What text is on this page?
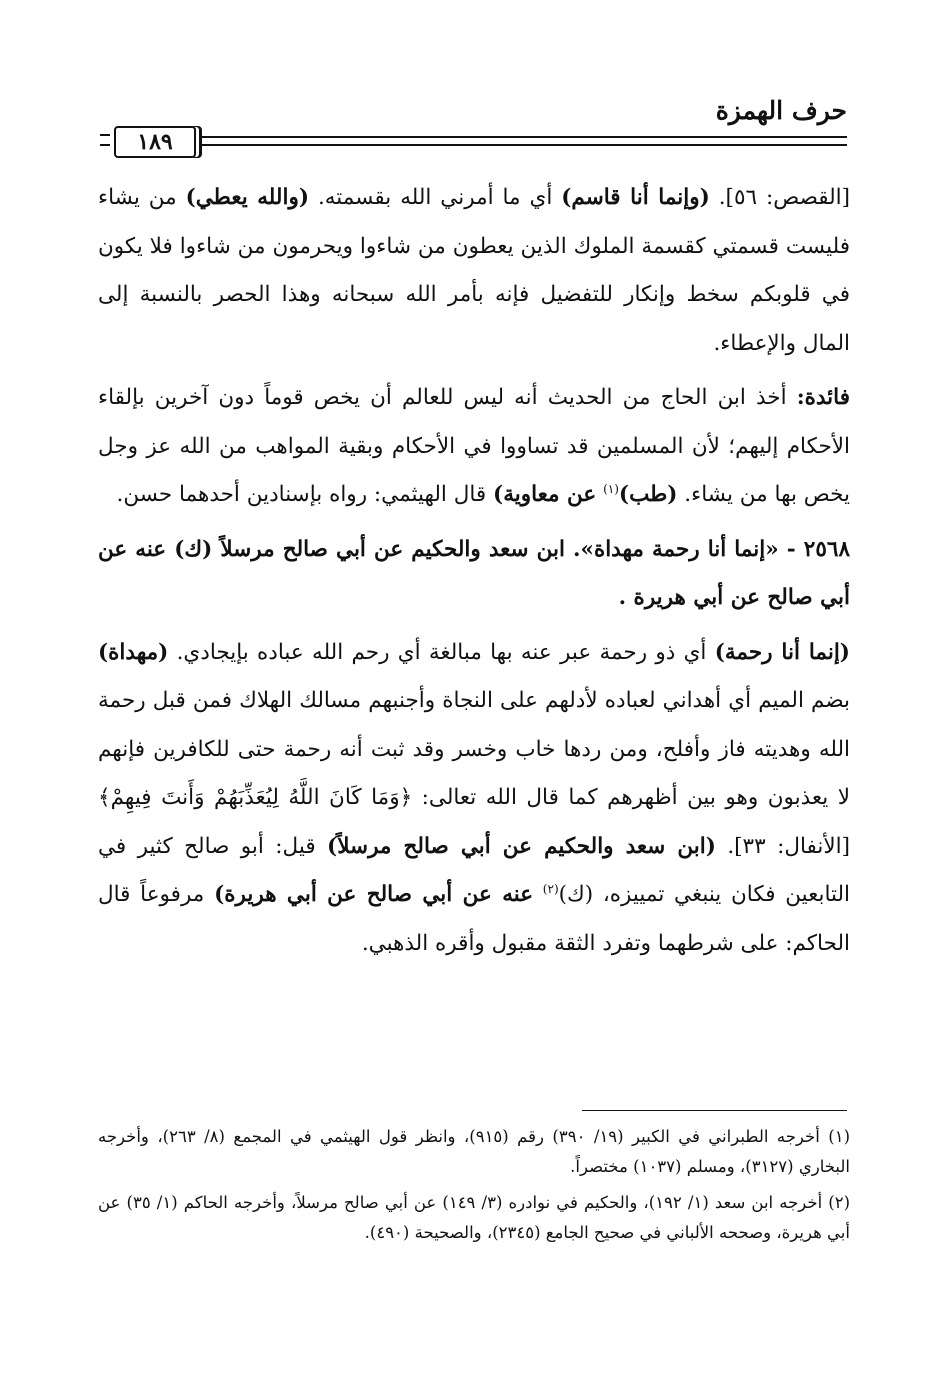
حرف الهمزة
١٨٩

[القصص: ٥٦]. (وإنما أنا قاسم) أي ما أمرني الله بقسمته. (والله يعطي) من يشاء فليست قسمتي كقسمة الملوك الذين يعطون من شاءوا ويحرمون من شاءوا فلا يكون في قلوبكم سخط وإنكار للتفضيل فإنه بأمر الله سبحانه وهذا الحصر بالنسبة إلى المال والإعطاء.

فائدة: أخذ ابن الحاج من الحديث أنه ليس للعالم أن يخص قوماً دون آخرين بإلقاء الأحكام إليهم؛ لأن المسلمين قد تساووا في الأحكام وبقية المواهب من الله عز وجل يخص بها من يشاء. (طب)$^{(١)}$ عن معاوية) قال الهيثمي: رواه بإسنادين أحدهما حسن.

٢٥٦٨ - «إنما أنا رحمة مهداة». ابن سعد والحكيم عن أبي صالح مرسلاً (ك) عنه عن أبي صالح عن أبي هريرة .

(إنما أنا رحمة) أي ذو رحمة عبر عنه بها مبالغة أي رحم الله عباده بإيجادي. (مهداة) بضم الميم أي أهداني لعباده لأدلهم على النجاة وأجنبهم مسالك الهلاك فمن قبل رحمة الله وهديته فاز وأفلح، ومن ردها خاب وخسر وقد ثبت أنه رحمة حتى للكافرين فإنهم لا يعذبون وهو بين أظهرهم كما قال الله تعالى: ﴿وَمَا كَانَ اللَّهُ لِيُعَذِّبَهُمْ وَأَنتَ فِيهِمْ﴾ [الأنفال: ٣٣]. (ابن سعد والحكيم عن أبي صالح مرسلاً) قيل: أبو صالح كثير في التابعين فكان ينبغي تمييزه، (ك)$^{(٢)}$ عنه عن أبي صالح عن أبي هريرة) مرفوعاً قال الحاكم: على شرطهما وتفرد الثقة مقبول وأقره الذهبي.

(١) أخرجه الطبراني في الكبير (١٩/ ٣٩٠) رقم (٩١٥)، وانظر قول الهيثمي في المجمع (٨/ ٢٦٣)، وأخرجه البخاري (٣١٢٧)، ومسلم (١٠٣٧) مختصراً.

(٢) أخرجه ابن سعد (١/ ١٩٢)، والحكيم في نوادره (٣/ ١٤٩) عن أبي صالح مرسلاً، وأخرجه الحاكم (١/ ٣٥) عن أبي هريرة، وصححه الألباني في صحيح الجامع (٢٣٤٥)، والصحيحة (٤٩٠).
